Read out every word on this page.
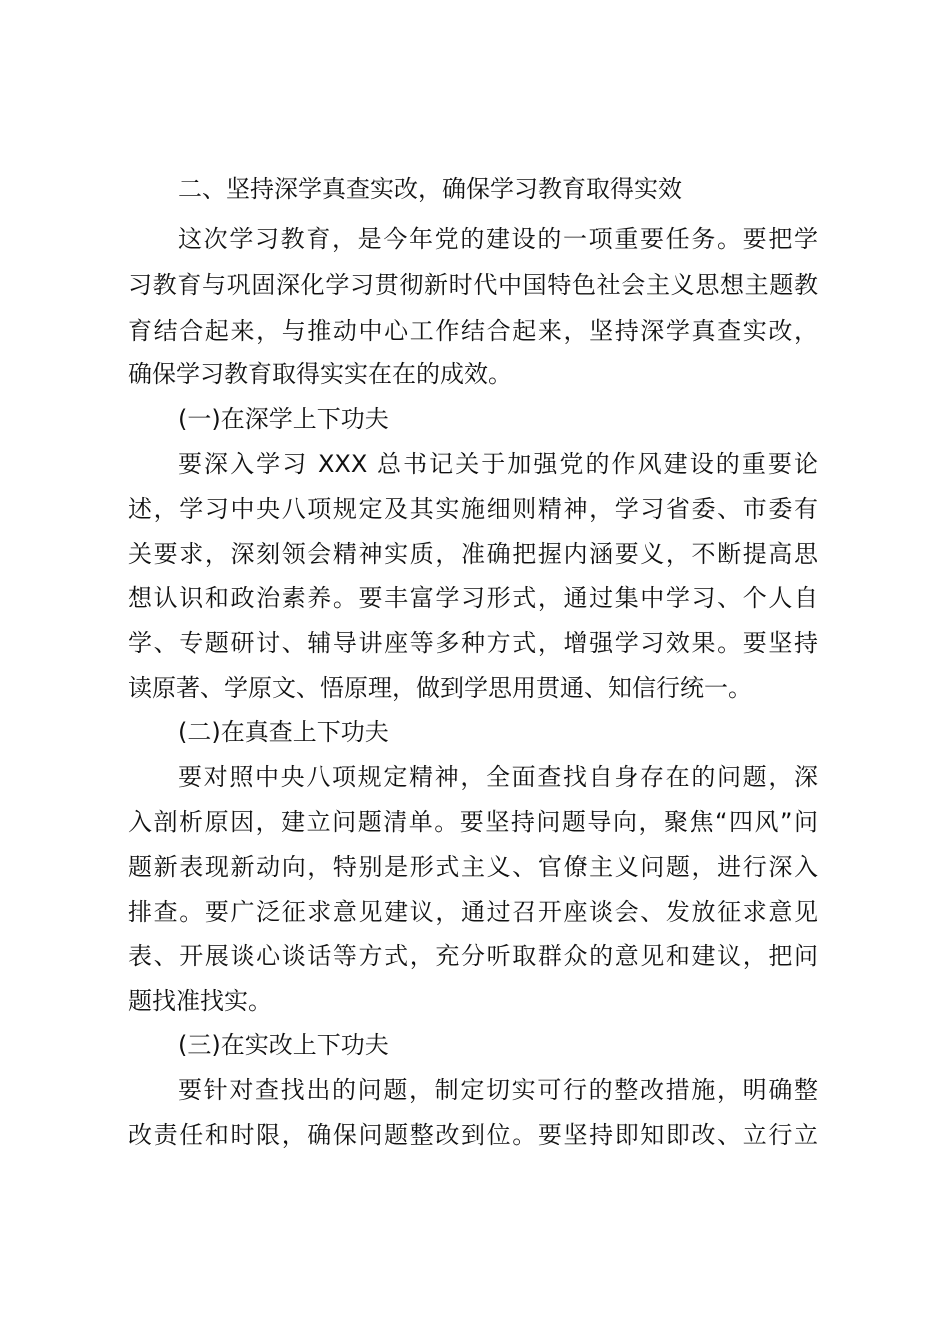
二、坚持深学真查实改，确保学习教育取得实效
这次学习教育，是今年党的建设的一项重要任务。要把学
习教育与巩固深化学习贯彻新时代中国特色社会主义思想主题教
育结合起来，与推动中心工作结合起来，坚持深学真查实改，
确保学习教育取得实实在在的成效。
(一)在深学上下功夫
要深入学习 XXX 总书记关于加强党的作风建设的重要论
述，学习中央八项规定及其实施细则精神，学习省委、市委有
关要求，深刻领会精神实质，准确把握内涵要义，不断提高思
想认识和政治素养。要丰富学习形式，通过集中学习、个人自
学、专题研讨、辅导讲座等多种方式，增强学习效果。要坚持
读原著、学原文、悟原理，做到学思用贯通、知信行统一。
(二)在真查上下功夫
要对照中央八项规定精神，全面查找自身存在的问题，深
入剖析原因，建立问题清单。要坚持问题导向，聚焦“四风”问
题新表现新动向，特别是形式主义、官僚主义问题，进行深入
排查。要广泛征求意见建议，通过召开座谈会、发放征求意见
表、开展谈心谈话等方式，充分听取群众的意见和建议，把问
题找准找实。
(三)在实改上下功夫
要针对查找出的问题，制定切实可行的整改措施，明确整
改责任和时限，确保问题整改到位。要坚持即知即改、立行立
